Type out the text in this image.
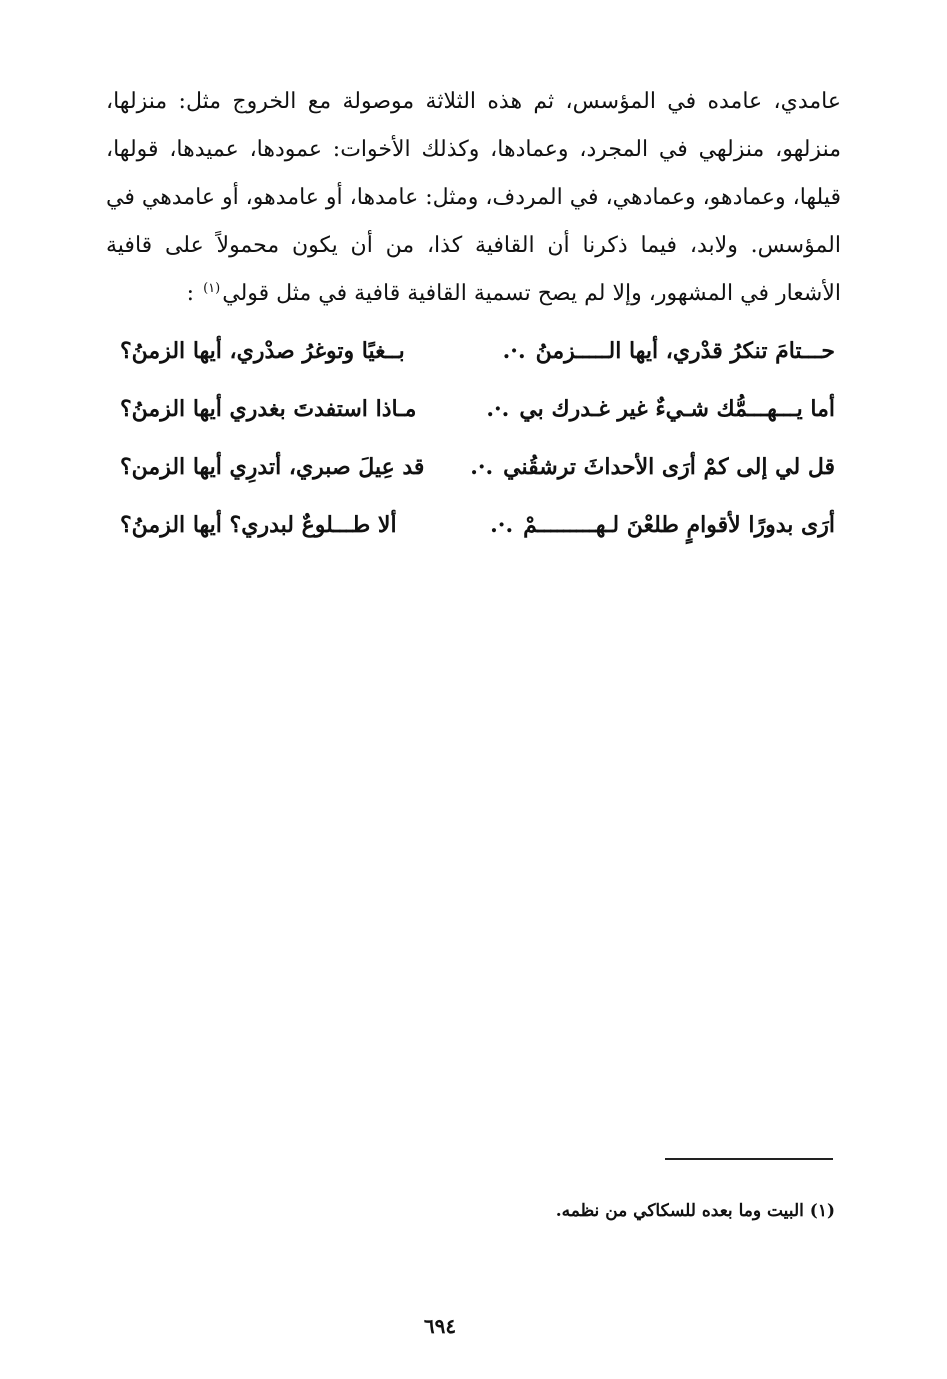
عامدي، عامده في المؤسس، ثم هذه الثلاثة موصولة مع الخروج مثل: منزلها، منزلهو، منزلهي في المجرد، وعمادها، وكذلك الأخوات: عمودها، عميدها، قولها، قيلها، وعمادهو، وعمادهي، في المردف، ومثل: عامدها، أو عامدهو، أو عامدهي في المؤسس. ولابد، فيما ذكرنا أن القافية كذا، من أن يكون محمولاً على قافية الأشعار في المشهور، وإلا لم يصح تسمية القافية قافية في مثل قولي$^{(١)}$ :

حـــتامَ تنكرُ قدْري، أيها الـــــزمنُ
.·.
بــغيًا وتوغرُ صدْري، أيها الزمنُ؟
أما يـــهـــمُّك شـيءٌ غير غـدرك بي
.·.
مـاذا استفدتَ بغدري أيها الزمنُ؟
قل لي إلى كمْ أرَى الأحداثَ ترشقُني
.·.
قد عِيلَ صبري، أتدرِي أيها الزمن؟
أرَى بدورًا لأقوامٍ طلعْنَ لـهـــــــــمْ
.·.
ألا طـــلوعٌ لبدري؟ أيها الزمنُ؟
(١) البيت وما بعده للسكاكي من نظمه.
٦٩٤
